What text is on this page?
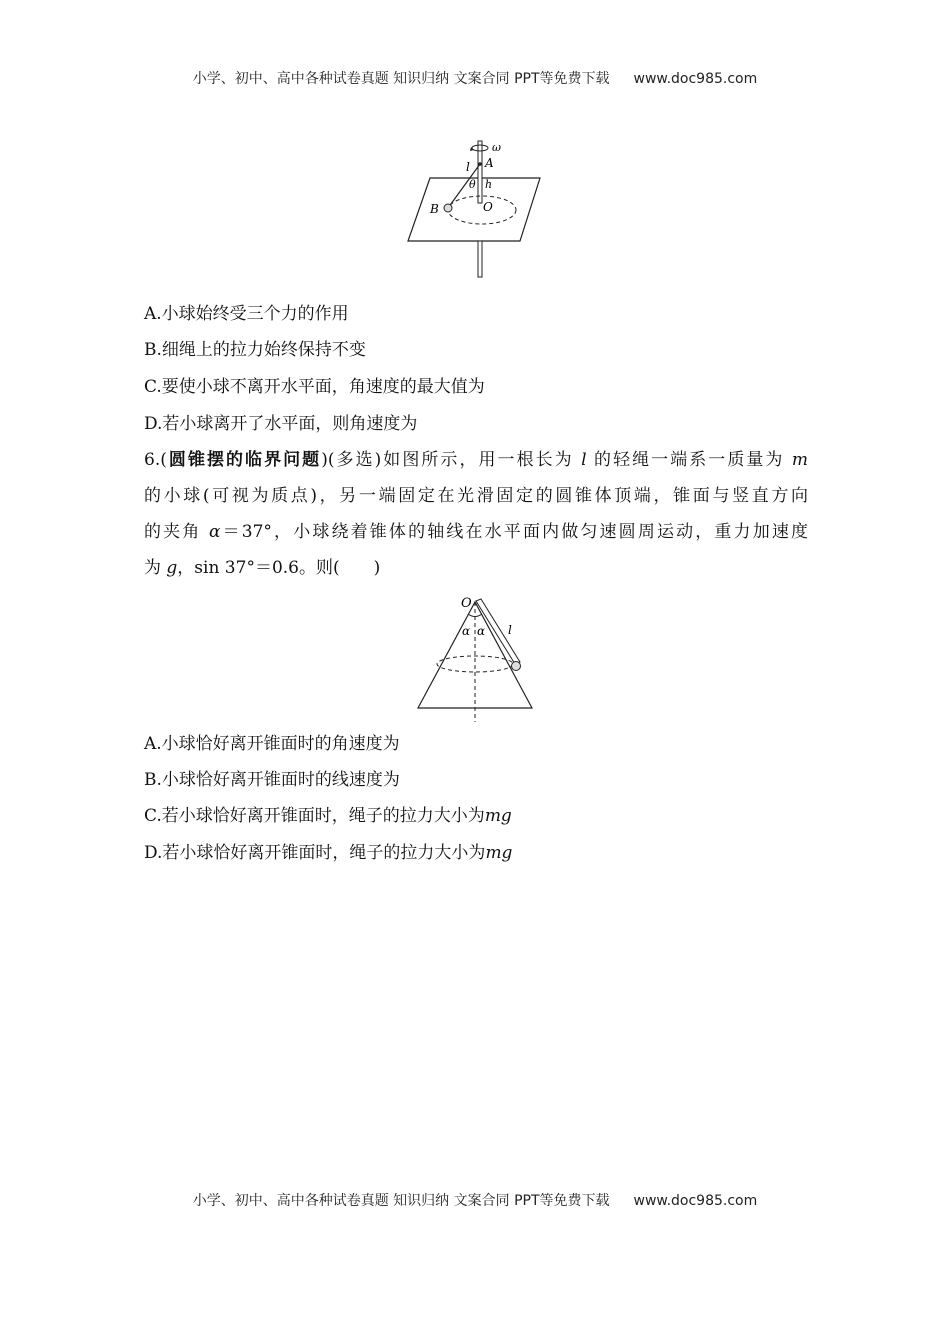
小学、初中、高中各种试卷真题 知识归纳 文案合同 PPT等免费下载 www.doc985.com
ω
A
l
θ h
B	O
A.小球始终受三个力的作用
B.细绳上的拉力始终保持不变
C.要使小球不离开水平面，角速度的最大值为
D.若小球离开了水平面，则角速度为
6.(圆锥摆的临界问题)(多选)如图所示，用一根长为 l 的轻绳一端系一质量为 m
的小球(可视为质点)，另一端固定在光滑固定的圆锥体顶端，锥面与竖直方向
的夹角 α＝37°，小球绕着锥体的轴线在水平面内做匀速圆周运动，重力加速度
为 g，sin 37°＝0.6。则(　　)
O
α α l
A.小球恰好离开锥面时的角速度为
B.小球恰好离开锥面时的线速度为
C.若小球恰好离开锥面时，绳子的拉力大小为mg
D.若小球恰好离开锥面时，绳子的拉力大小为mg
小学、初中、高中各种试卷真题 知识归纳 文案合同 PPT等免费下载 www.doc985.com
